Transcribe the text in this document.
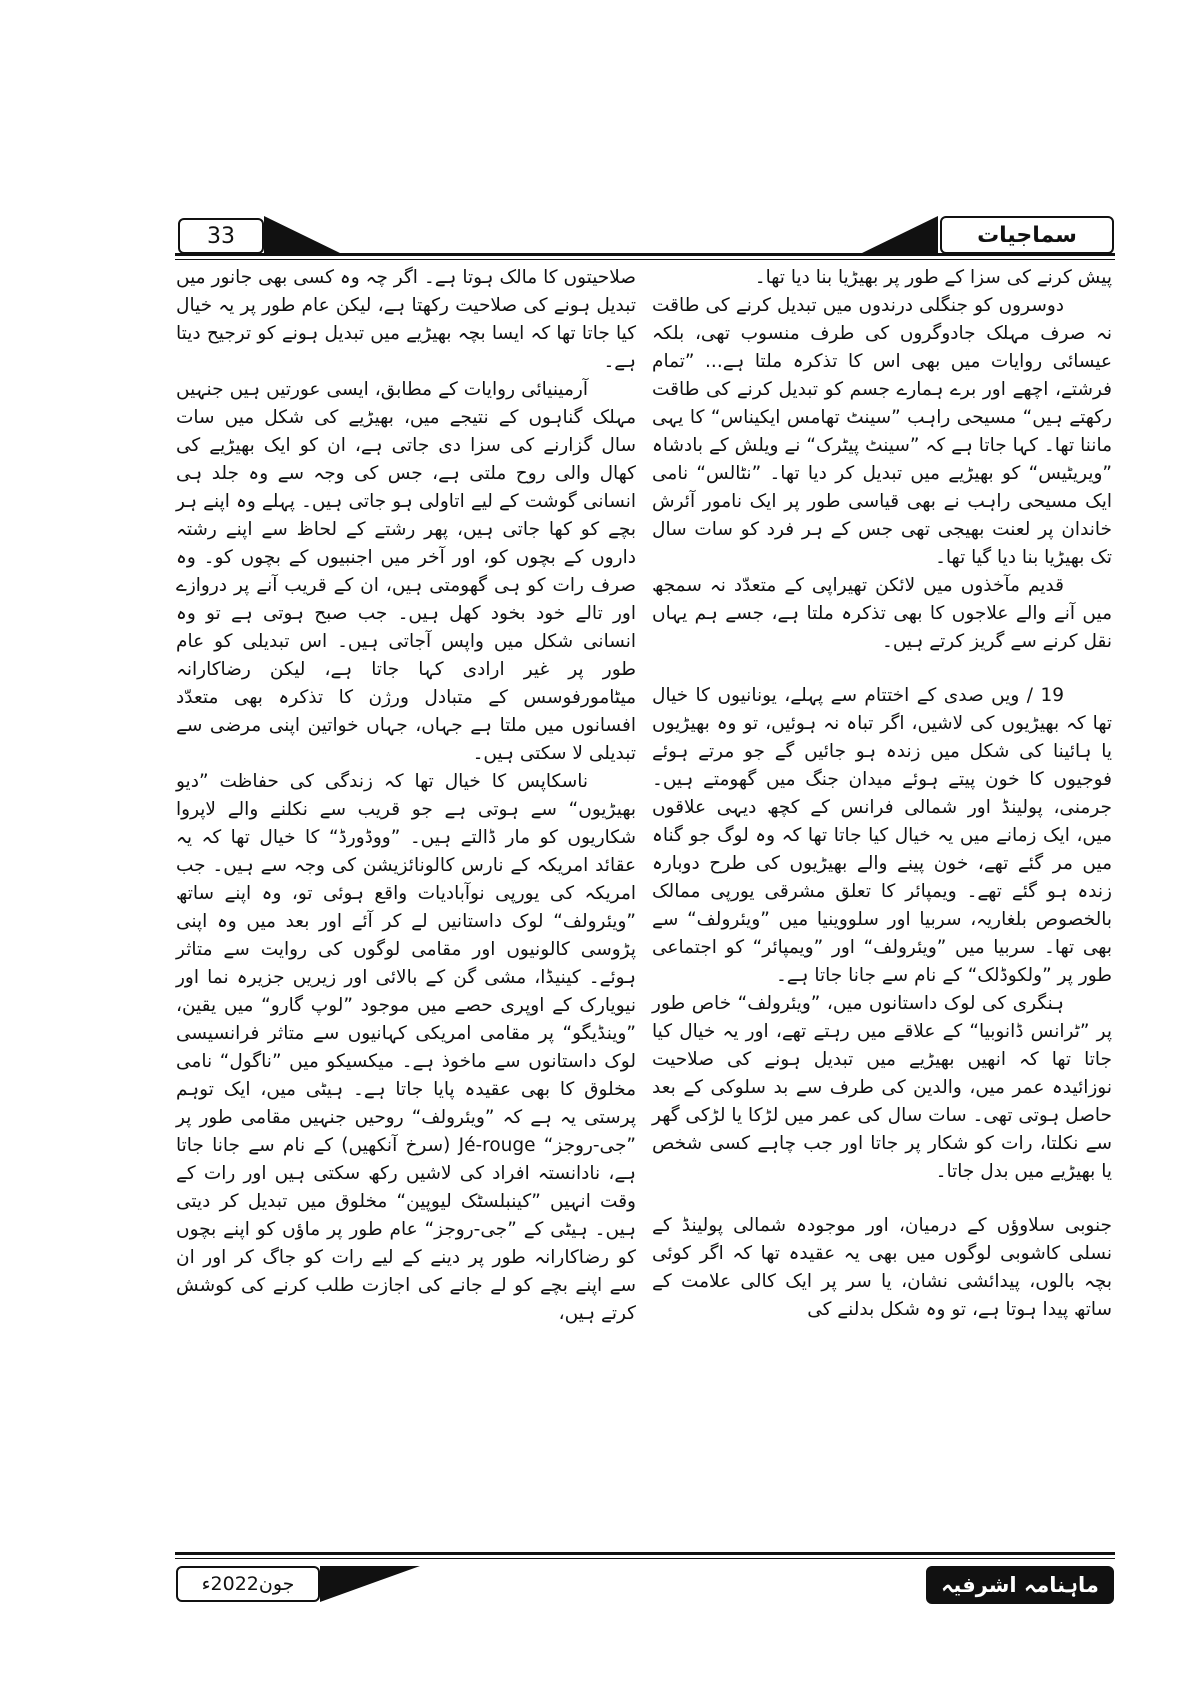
33	سماجیات

پیش کرنے کی سزا کے طور پر بھیڑیا بنا دیا تھا۔

دوسروں کو جنگلی درندوں میں تبدیل کرنے کی طاقت نہ صرف مہلک جادوگروں کی طرف منسوب تھی، بلکہ عیسائی روایات میں بھی اس کا تذکرہ ملتا ہے... ”تمام فرشتے، اچھے اور برے ہمارے جسم کو تبدیل کرنے کی طاقت رکھتے ہیں“ مسیحی راہب ”سینٹ تھامس ایکیناس“ کا یہی ماننا تھا۔ کہا جاتا ہے کہ ”سینٹ پیٹرک“ نے ویلش کے بادشاہ ”ویریٹیس“ کو بھیڑیے میں تبدیل کر دیا تھا۔ ”نٹالس“ نامی ایک مسیحی راہب نے بھی قیاسی طور پر ایک نامور آئرش خاندان پر لعنت بھیجی تھی جس کے ہر فرد کو سات سال تک بھیڑیا بنا دیا گیا تھا۔

قدیم مآخذوں میں لائکن تھیراپی کے متعدّد نہ سمجھ میں آنے والے علاجوں کا بھی تذکرہ ملتا ہے، جسے ہم یہاں نقل کرنے سے گریز کرتے ہیں۔

19 / ویں صدی کے اختتام سے پہلے، یونانیوں کا خیال تھا کہ بھیڑیوں کی لاشیں، اگر تباہ نہ ہوئیں، تو وہ بھیڑیوں یا ہائینا کی شکل میں زندہ ہو جائیں گے جو مرتے ہوئے فوجیوں کا خون پیتے ہوئے میدان جنگ میں گھومتے ہیں۔ جرمنی، پولینڈ اور شمالی فرانس کے کچھ دیہی علاقوں میں، ایک زمانے میں یہ خیال کیا جاتا تھا کہ وہ لوگ جو گناہ میں مر گئے تھے، خون پینے والے بھیڑیوں کی طرح دوبارہ زندہ ہو گئے تھے۔ ویمپائر کا تعلق مشرقی یورپی ممالک بالخصوص بلغاریہ، سربیا اور سلووینیا میں ”ویئرولف“ سے بھی تھا۔ سربیا میں ”ویئرولف“ اور ”ویمپائر“ کو اجتماعی طور پر ”ولکوڈلک“ کے نام سے جانا جاتا ہے۔

ہنگری کی لوک داستانوں میں، ”ویئرولف“ خاص طور پر ”ٹرانس ڈانوبیا“ کے علاقے میں رہتے تھے، اور یہ خیال کیا جاتا تھا کہ انھیں بھیڑیے میں تبدیل ہونے کی صلاحیت نوزائیدہ عمر میں، والدین کی طرف سے بد سلوکی کے بعد حاصل ہوتی تھی۔ سات سال کی عمر میں لڑکا یا لڑکی گھر سے نکلتا، رات کو شکار پر جاتا اور جب چاہے کسی شخص یا بھیڑیے میں بدل جاتا۔

جنوبی سلاوؤں کے درمیان، اور موجودہ شمالی پولینڈ کے نسلی کاشوبی لوگوں میں بھی یہ عقیدہ تھا کہ اگر کوئی بچہ بالوں، پیدائشی نشان، یا سر پر ایک کالی علامت کے ساتھ پیدا ہوتا ہے، تو وہ شکل بدلنے کی

صلاحیتوں کا مالک ہوتا ہے۔ اگر چہ وہ کسی بھی جانور میں تبدیل ہونے کی صلاحیت رکھتا ہے، لیکن عام طور پر یہ خیال کیا جاتا تھا کہ ایسا بچہ بھیڑیے میں تبدیل ہونے کو ترجیح دیتا ہے۔

آرمینیائی روایات کے مطابق، ایسی عورتیں ہیں جنہیں مہلک گناہوں کے نتیجے میں، بھیڑیے کی شکل میں سات سال گزارنے کی سزا دی جاتی ہے، ان کو ایک بھیڑیے کی کھال والی روح ملتی ہے، جس کی وجہ سے وہ جلد ہی انسانی گوشت کے لیے اتاولی ہو جاتی ہیں۔ پہلے وہ اپنے ہر بچے کو کھا جاتی ہیں، پھر رشتے کے لحاظ سے اپنے رشتہ داروں کے بچوں کو، اور آخر میں اجنبیوں کے بچوں کو۔ وہ صرف رات کو ہی گھومتی ہیں، ان کے قریب آنے پر دروازے اور تالے خود بخود کھل ہیں۔ جب صبح ہوتی ہے تو وہ انسانی شکل میں واپس آجاتی ہیں۔ اس تبدیلی کو عام طور پر غیر ارادی کہا جاتا ہے، لیکن رضاکارانہ میٹامورفوسس کے متبادل ورژن کا تذکرہ بھی متعدّد افسانوں میں ملتا ہے جہاں، جہاں خواتین اپنی مرضی سے تبدیلی لا سکتی ہیں۔

ناسکاپس کا خیال تھا کہ زندگی کی حفاظت ”دیو بھیڑیوں“ سے ہوتی ہے جو قریب سے نکلنے والے لاپروا شکاریوں کو مار ڈالتے ہیں۔ ”ووڈورڈ“ کا خیال تھا کہ یہ عقائد امریکہ کے نارس کالونائزیشن کی وجہ سے ہیں۔ جب امریکہ کی یورپی نوآبادیات واقع ہوئی تو، وہ اپنے ساتھ ”ویئرولف“ لوک داستانیں لے کر آئے اور بعد میں وہ اپنی پڑوسی کالونیوں اور مقامی لوگوں کی روایت سے متاثر ہوئے۔ کینیڈا، مشی گن کے بالائی اور زیریں جزیرہ نما اور نیویارک کے اوپری حصے میں موجود ”لوپ گارو“ میں یقین، ”وینڈیگو“ پر مقامی امریکی کہانیوں سے متاثر فرانسیسی لوک داستانوں سے ماخوذ ہے۔ میکسیکو میں ”ناگول“ نامی مخلوق کا بھی عقیدہ پایا جاتا ہے۔ ہیٹی میں، ایک توہم پرستی یہ ہے کہ ”ویئرولف“ روحیں جنہیں مقامی طور پر ”جی-روجز“ Jé-rouge (سرخ آنکھیں) کے نام سے جانا جاتا ہے، نادانستہ افراد کی لاشیں رکھ سکتی ہیں اور رات کے وقت انہیں ”کینبلسٹک لیوپین“ مخلوق میں تبدیل کر دیتی ہیں۔ ہیٹی کے ”جی-روجز“ عام طور پر ماؤں کو اپنے بچوں کو رضاکارانہ طور پر دینے کے لیے رات کو جاگ کر اور ان سے اپنے بچے کو لے جانے کی اجازت طلب کرنے کی کوشش کرتے ہیں،

جون2022ء	ماہنامہ اشرفیہ
